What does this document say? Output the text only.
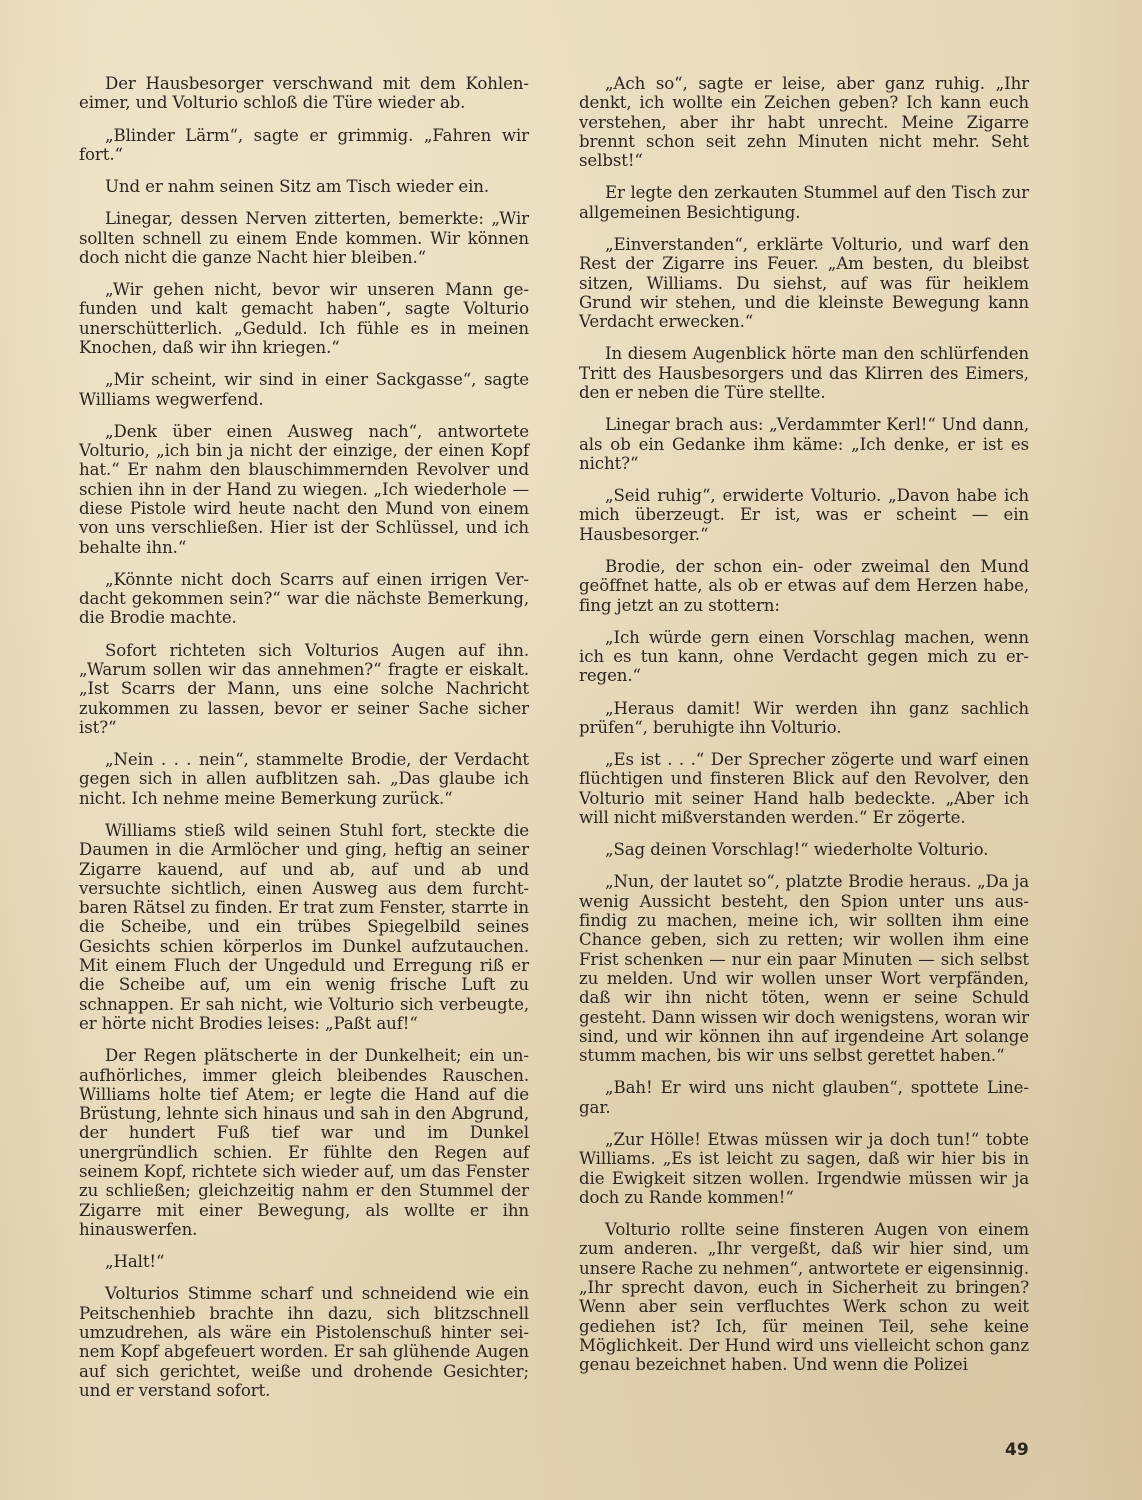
Der Hausbesorger verschwand mit dem Kohleneimer, und Volturio schloß die Türe wieder ab.

„Blinder Lärm“, sagte er grimmig. „Fahren wir fort.“

Und er nahm seinen Sitz am Tisch wieder ein.

Linegar, dessen Nerven zitterten, bemerkte: „Wir sollten schnell zu einem Ende kommen. Wir können doch nicht die ganze Nacht hier bleiben.“

„Wir gehen nicht, bevor wir unseren Mann gefunden und kalt gemacht haben“, sagte Volturio unerschütterlich. „Geduld. Ich fühle es in meinen Knochen, daß wir ihn kriegen.“

„Mir scheint, wir sind in einer Sackgasse“, sagte Williams wegwerfend.

„Denk über einen Ausweg nach“, antwortete Volturio, „ich bin ja nicht der einzige, der einen Kopf hat.“ Er nahm den blauschimmernden Revolver und schien ihn in der Hand zu wiegen. „Ich wiederhole — diese Pistole wird heute nacht den Mund von einem von uns verschließen. Hier ist der Schlüssel, und ich behalte ihn.“

„Könnte nicht doch Scarrs auf einen irrigen Verdacht gekommen sein?“ war die nächste Bemerkung, die Brodie machte.

Sofort richteten sich Volturios Augen auf ihn. „Warum sollen wir das annehmen?“ fragte er eiskalt. „Ist Scarrs der Mann, uns eine solche Nachricht zukommen zu lassen, bevor er seiner Sache sicher ist?“

„Nein . . . nein“, stammelte Brodie, der Verdacht gegen sich in allen aufblitzen sah. „Das glaube ich nicht. Ich nehme meine Bemerkung zurück.“

Williams stieß wild seinen Stuhl fort, steckte die Daumen in die Armlöcher und ging, heftig an seiner Zigarre kauend, auf und ab, auf und ab und versuchte sichtlich, einen Ausweg aus dem furchtbaren Rätsel zu finden. Er trat zum Fenster, starrte in die Scheibe, und ein trübes Spiegelbild seines Gesichts schien körperlos im Dunkel aufzutauchen. Mit einem Fluch der Ungeduld und Erregung riß er die Scheibe auf, um ein wenig frische Luft zu schnappen. Er sah nicht, wie Volturio sich verbeugte, er hörte nicht Brodies leises: „Paßt auf!“

Der Regen plätscherte in der Dunkelheit; ein unaufhörliches, immer gleich bleibendes Rauschen. Williams holte tief Atem; er legte die Hand auf die Brüstung, lehnte sich hinaus und sah in den Abgrund, der hundert Fuß tief war und im Dunkel unergründlich schien. Er fühlte den Regen auf seinem Kopf, richtete sich wieder auf, um das Fenster zu schließen; gleichzeitig nahm er den Stummel der Zigarre mit einer Bewegung, als wollte er ihn hinauswerfen.

„Halt!“

Volturios Stimme scharf und schneidend wie ein Peitschenhieb brachte ihn dazu, sich blitzschnell umzudrehen, als wäre ein Pistolenschuß hinter seinem Kopf abgefeuert worden. Er sah glühende Augen auf sich gerichtet, weiße und drohende Gesichter; und er verstand sofort.

„Ach so“, sagte er leise, aber ganz ruhig. „Ihr denkt, ich wollte ein Zeichen geben? Ich kann euch verstehen, aber ihr habt unrecht. Meine Zigarre brennt schon seit zehn Minuten nicht mehr. Seht selbst!“

Er legte den zerkauten Stummel auf den Tisch zur allgemeinen Besichtigung.

„Einverstanden“, erklärte Volturio, und warf den Rest der Zigarre ins Feuer. „Am besten, du bleibst sitzen, Williams. Du siehst, auf was für heiklem Grund wir stehen, und die kleinste Bewegung kann Verdacht erwecken.“

In diesem Augenblick hörte man den schlürfenden Tritt des Hausbesorgers und das Klirren des Eimers, den er neben die Türe stellte.

Linegar brach aus: „Verdammter Kerl!“ Und dann, als ob ein Gedanke ihm käme: „Ich denke, er ist es nicht?“

„Seid ruhig“, erwiderte Volturio. „Davon habe ich mich überzeugt. Er ist, was er scheint — ein Hausbesorger.“

Brodie, der schon ein- oder zweimal den Mund geöffnet hatte, als ob er etwas auf dem Herzen habe, fing jetzt an zu stottern:

„Ich würde gern einen Vorschlag machen, wenn ich es tun kann, ohne Verdacht gegen mich zu erregen.“

„Heraus damit! Wir werden ihn ganz sachlich prüfen“, beruhigte ihn Volturio.

„Es ist . . .“ Der Sprecher zögerte und warf einen flüchtigen und finsteren Blick auf den Revolver, den Volturio mit seiner Hand halb bedeckte. „Aber ich will nicht mißverstanden werden.“ Er zögerte.

„Sag deinen Vorschlag!“ wiederholte Volturio.

„Nun, der lautet so“, platzte Brodie heraus. „Da ja wenig Aussicht besteht, den Spion unter uns ausfindig zu machen, meine ich, wir sollten ihm eine Chance geben, sich zu retten; wir wollen ihm eine Frist schenken — nur ein paar Minuten — sich selbst zu melden. Und wir wollen unser Wort verpfänden, daß wir ihn nicht töten, wenn er seine Schuld gesteht. Dann wissen wir doch wenigstens, woran wir sind, und wir können ihn auf irgendeine Art solange stumm machen, bis wir uns selbst gerettet haben.“

„Bah! Er wird uns nicht glauben“, spottete Linegar.

„Zur Hölle! Etwas müssen wir ja doch tun!“ tobte Williams. „Es ist leicht zu sagen, daß wir hier bis in die Ewigkeit sitzen wollen. Irgendwie müssen wir ja doch zu Rande kommen!“

Volturio rollte seine finsteren Augen von einem zum anderen. „Ihr vergeßt, daß wir hier sind, um unsere Rache zu nehmen“, antwortete er eigensinnig. „Ihr sprecht davon, euch in Sicherheit zu bringen? Wenn aber sein verfluchtes Werk schon zu weit gediehen ist? Ich, für meinen Teil, sehe keine Möglichkeit. Der Hund wird uns vielleicht schon ganz genau bezeichnet haben. Und wenn die Polizei

49
